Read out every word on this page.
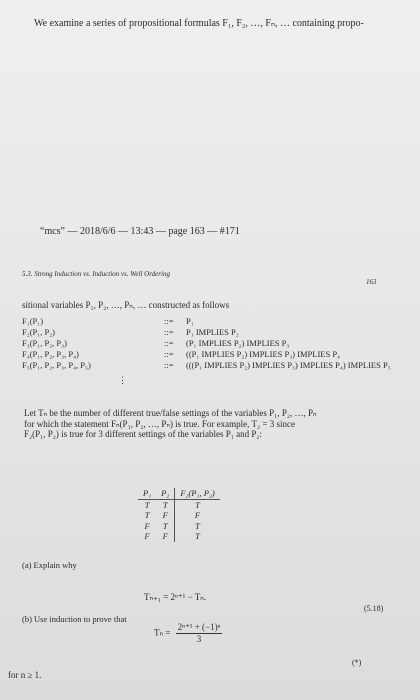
We examine a series of propositional formulas F₁, F₂, …, Fₙ, … containing propo-
“mcs” — 2018/6/6 — 13:43 — page 163 — #171
5.3. Strong Induction vs. Induction vs. Well Ordering
163
sitional variables P₁, P₂, …, Pₙ, … constructed as follows
F₁(P₁)	::= P₁
F₂(P₁, P₂)	::= P₁ IMPLIES P₂
F₃(P₁, P₂, P₃)	::= (P₁ IMPLIES P₂) IMPLIES P₃
F₄(P₁, P₂, P₃, P₄)	::= ((P₁ IMPLIES P₂) IMPLIES P₃) IMPLIES P₄
F₅(P₁, P₂, P₃, P₄, P₅)	::= (((P₁ IMPLIES P₂) IMPLIES P₃) IMPLIES P₄) IMPLIES P₅
⋮
Let Tₙ be the number of different true/false settings of the variables P₁, P₂, …, Pₙ
for which the statement Fₙ(P₁, P₂, …, Pₙ) is true. For example, T₂ = 3 since
F₂(P₁, P₂) is true for 3 different settings of the variables P₁ and P₂:
P₁	P₂	F₂(P₁, P₂)
T	T	T
T	F	F
F	T	T
F	F	T
(a) Explain why
Tₙ₊₁ = 2ⁿ⁺¹ − Tₙ.
(5.18)
(b) Use induction to prove that
$T_n = \frac{\text{2ⁿ⁺¹ + (−1)ⁿ}}{3}$
(*)
for n ≥ 1.
